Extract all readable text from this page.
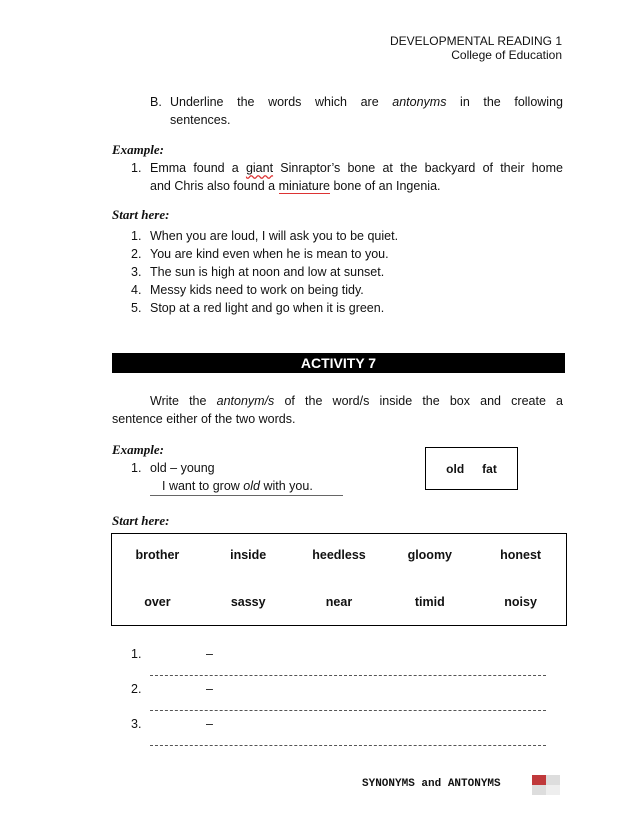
DEVELOPMENTAL READING 1
College of Education
B. Underline the words which are antonyms in the following
sentences.
Example:
1. Emma found a giant Sinraptor’s bone at the backyard of their home
and Chris also found a miniature bone of an Ingenia.
Start here:
1. When you are loud, I will ask you to be quiet.
2. You are kind even when he is mean to you.
3. The sun is high at noon and low at sunset.
4. Messy kids need to work on being tidy.
5. Stop at a red light and go when it is green.
ACTIVITY 7
Write the antonym/s of the word/s inside the box and create a
sentence either of the two words.
Example:
1. old – young
I want to grow old with you.
old fat
Start here:
brother	inside	heedless	gloomy	honest
over	sassy	near	timid	noisy
1.	–
2.	–
3.	–
SYNONYMS and ANTONYMS
